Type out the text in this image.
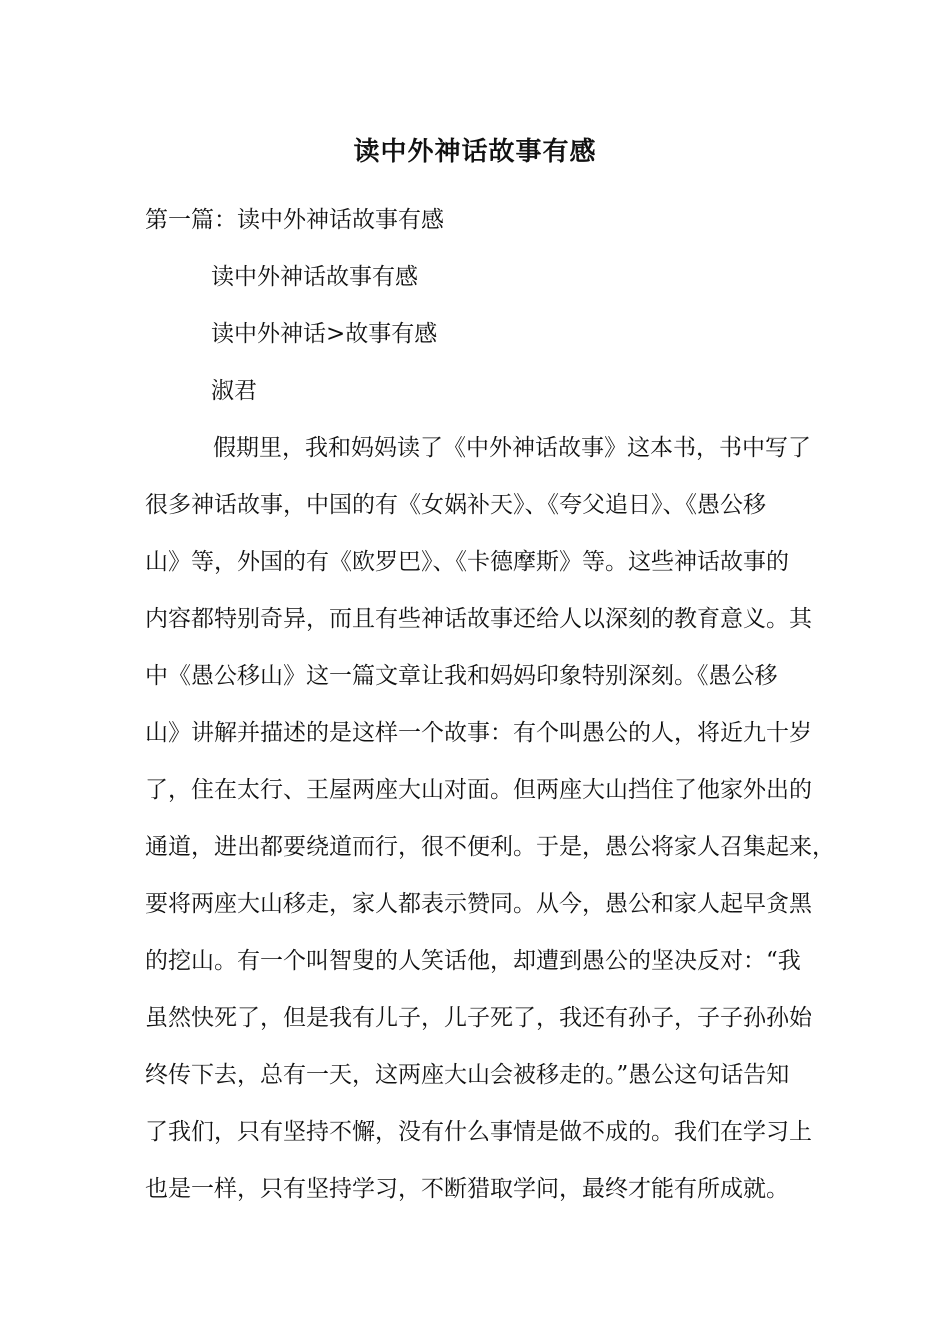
读中外神话故事有感
第一篇：读中外神话故事有感
读中外神话故事有感
读中外神话>故事有感
淑君
假期里，我和妈妈读了《中外神话故事》这本书，书中写了
很多神话故事，中国的有《女娲补天》、《夸父追日》、《愚公移
山》等，外国的有《欧罗巴》、《卡德摩斯》等。这些神话故事的
内容都特别奇异，而且有些神话故事还给人以深刻的教育意义。其
中《愚公移山》这一篇文章让我和妈妈印象特别深刻。《愚公移
山》讲解并描述的是这样一个故事：有个叫愚公的人，将近九十岁
了，住在太行、王屋两座大山对面。但两座大山挡住了他家外出的
通道，进出都要绕道而行，很不便利。于是，愚公将家人召集起来，
要将两座大山移走，家人都表示赞同。从今，愚公和家人起早贪黑
的挖山。有一个叫智叟的人笑话他，却遭到愚公的坚决反对：“我
虽然快死了，但是我有儿子，儿子死了，我还有孙子，子子孙孙始
终传下去，总有一天，这两座大山会被移走的。”愚公这句话告知
了我们，只有坚持不懈，没有什么事情是做不成的。我们在学习上
也是一样，只有坚持学习，不断猎取学问，最终才能有所成就。
